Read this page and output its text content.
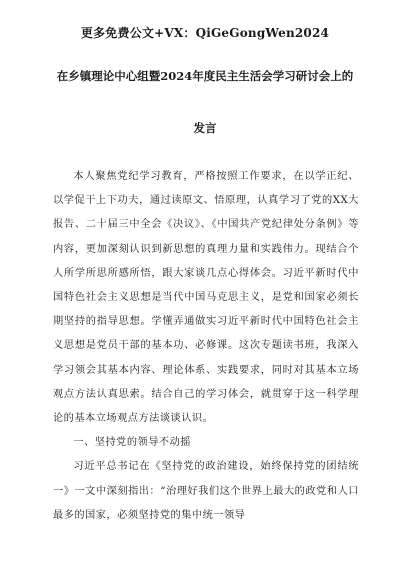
更多免费公文+VX：QiGeGongWen2024
在乡镇理论中心组暨2024年度民主生活会学习研讨会上的
发言

本人聚焦党纪学习教育，严格按照工作要求，在以学正纪、以学促干上下功夫，通过读原文、悟原理，认真学习了党的XX大报告、二十届三中全会《决议》、《中国共产党纪律处分条例》等内容，更加深刻认识到新思想的真理力量和实践伟力。现结合个人所学所思所感所悟，跟大家谈几点心得体会。习近平新时代中国特色社会主义思想是当代中国马克思主义，是党和国家必须长期坚持的指导思想。学懂弄通做实习近平新时代中国特色社会主义思想是党员干部的基本功、必修课。这次专题读书班，我深入学习领会其基本内容、理论体系、实践要求，同时对其基本立场观点方法认真思索。结合自己的学习体会，就贯穿于这一科学理论的基本立场观点方法谈谈认识。

一、坚持党的领导不动摇

习近平总书记在《坚持党的政治建设，始终保持党的团结统一》一文中深刻指出：“治理好我们这个世界上最大的政党和人口最多的国家，必须坚持党的集中统一领导
